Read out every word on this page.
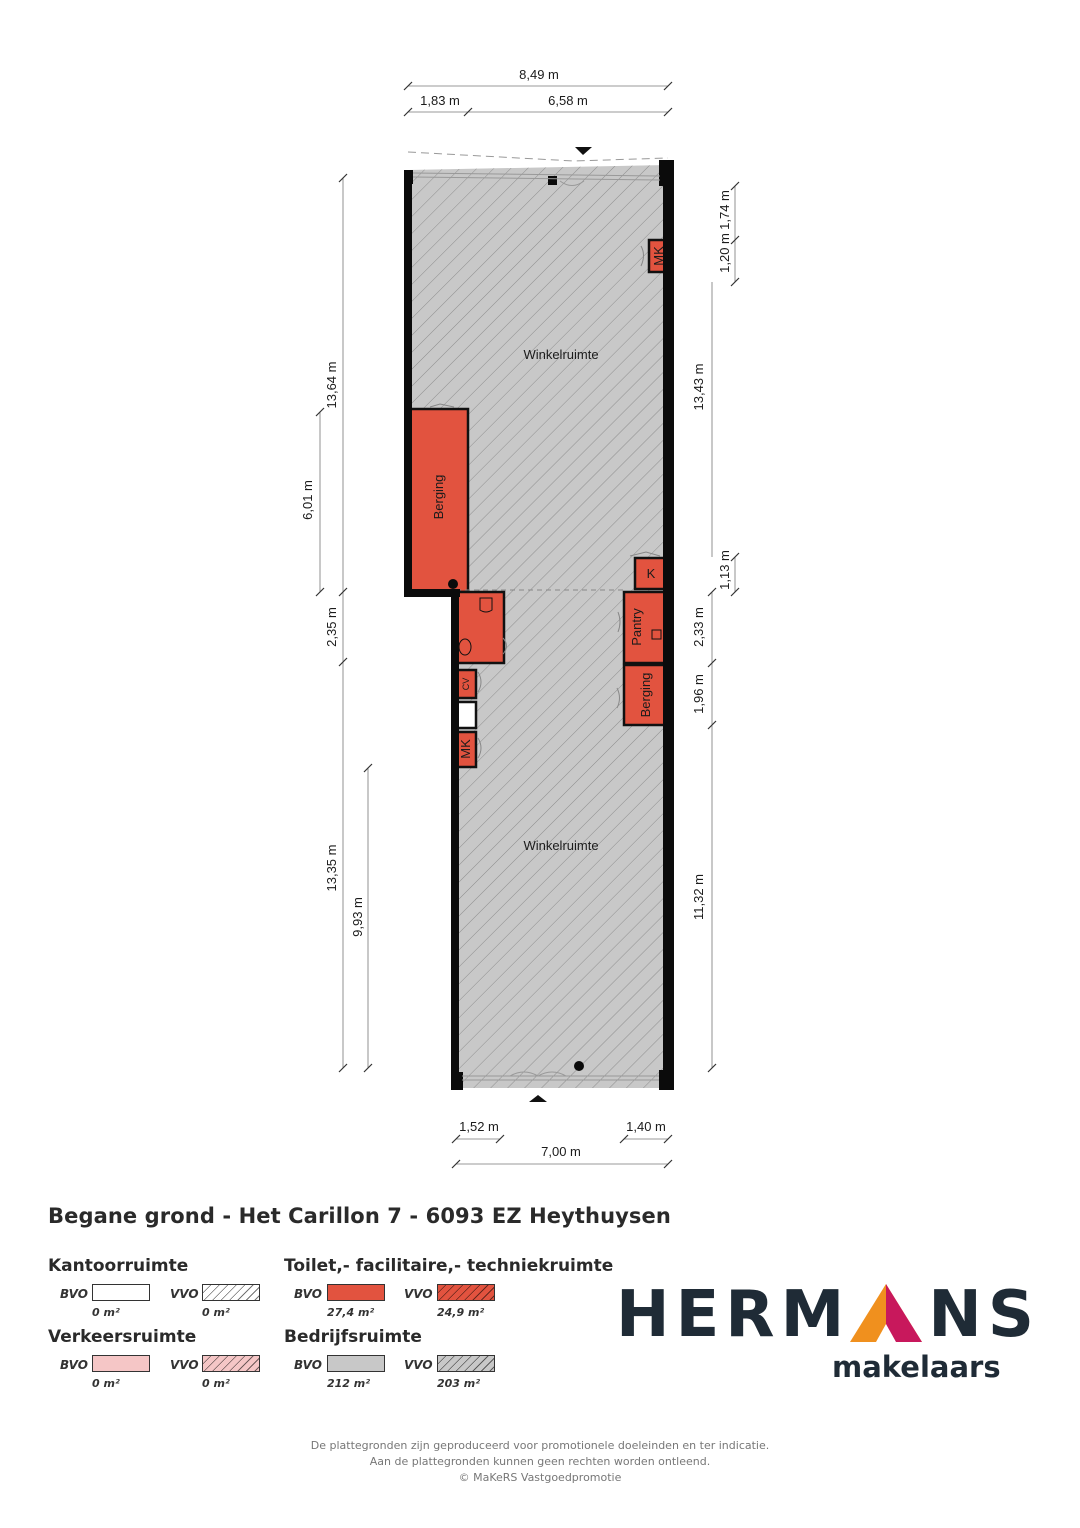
8,49 m
1,83 m	6,58 m
13,64 m
6,01 m
2,35 m
13,35 m
9,93 m
1,74 m
1,20 m
13,43 m
1,13 m
2,33 m
1,96 m
11,32 m
1,52 m	1,40 m
7,00 m
Winkelruimte
Winkelruimte
Berging
Pantry
Berging
K
MK
MK
CV
Begane grond - Het Carillon 7 - 6093 EZ Heythuysen
Kantoorruimte
BVO
0 m²
VVO
0 m²
Toilet,- facilitaire,- techniekruimte
BVO
27,4 m²
VVO
24,9 m²
Verkeersruimte
BVO
0 m²
VVO
0 m²
Bedrijfsruimte
BVO
212 m²
VVO
203 m²
HERM NS
makelaars
De plattegronden zijn geproduceerd voor promotionele doeleinden en ter indicatie.
Aan de plattegronden kunnen geen rechten worden ontleend.
© MaKeRS Vastgoedpromotie
